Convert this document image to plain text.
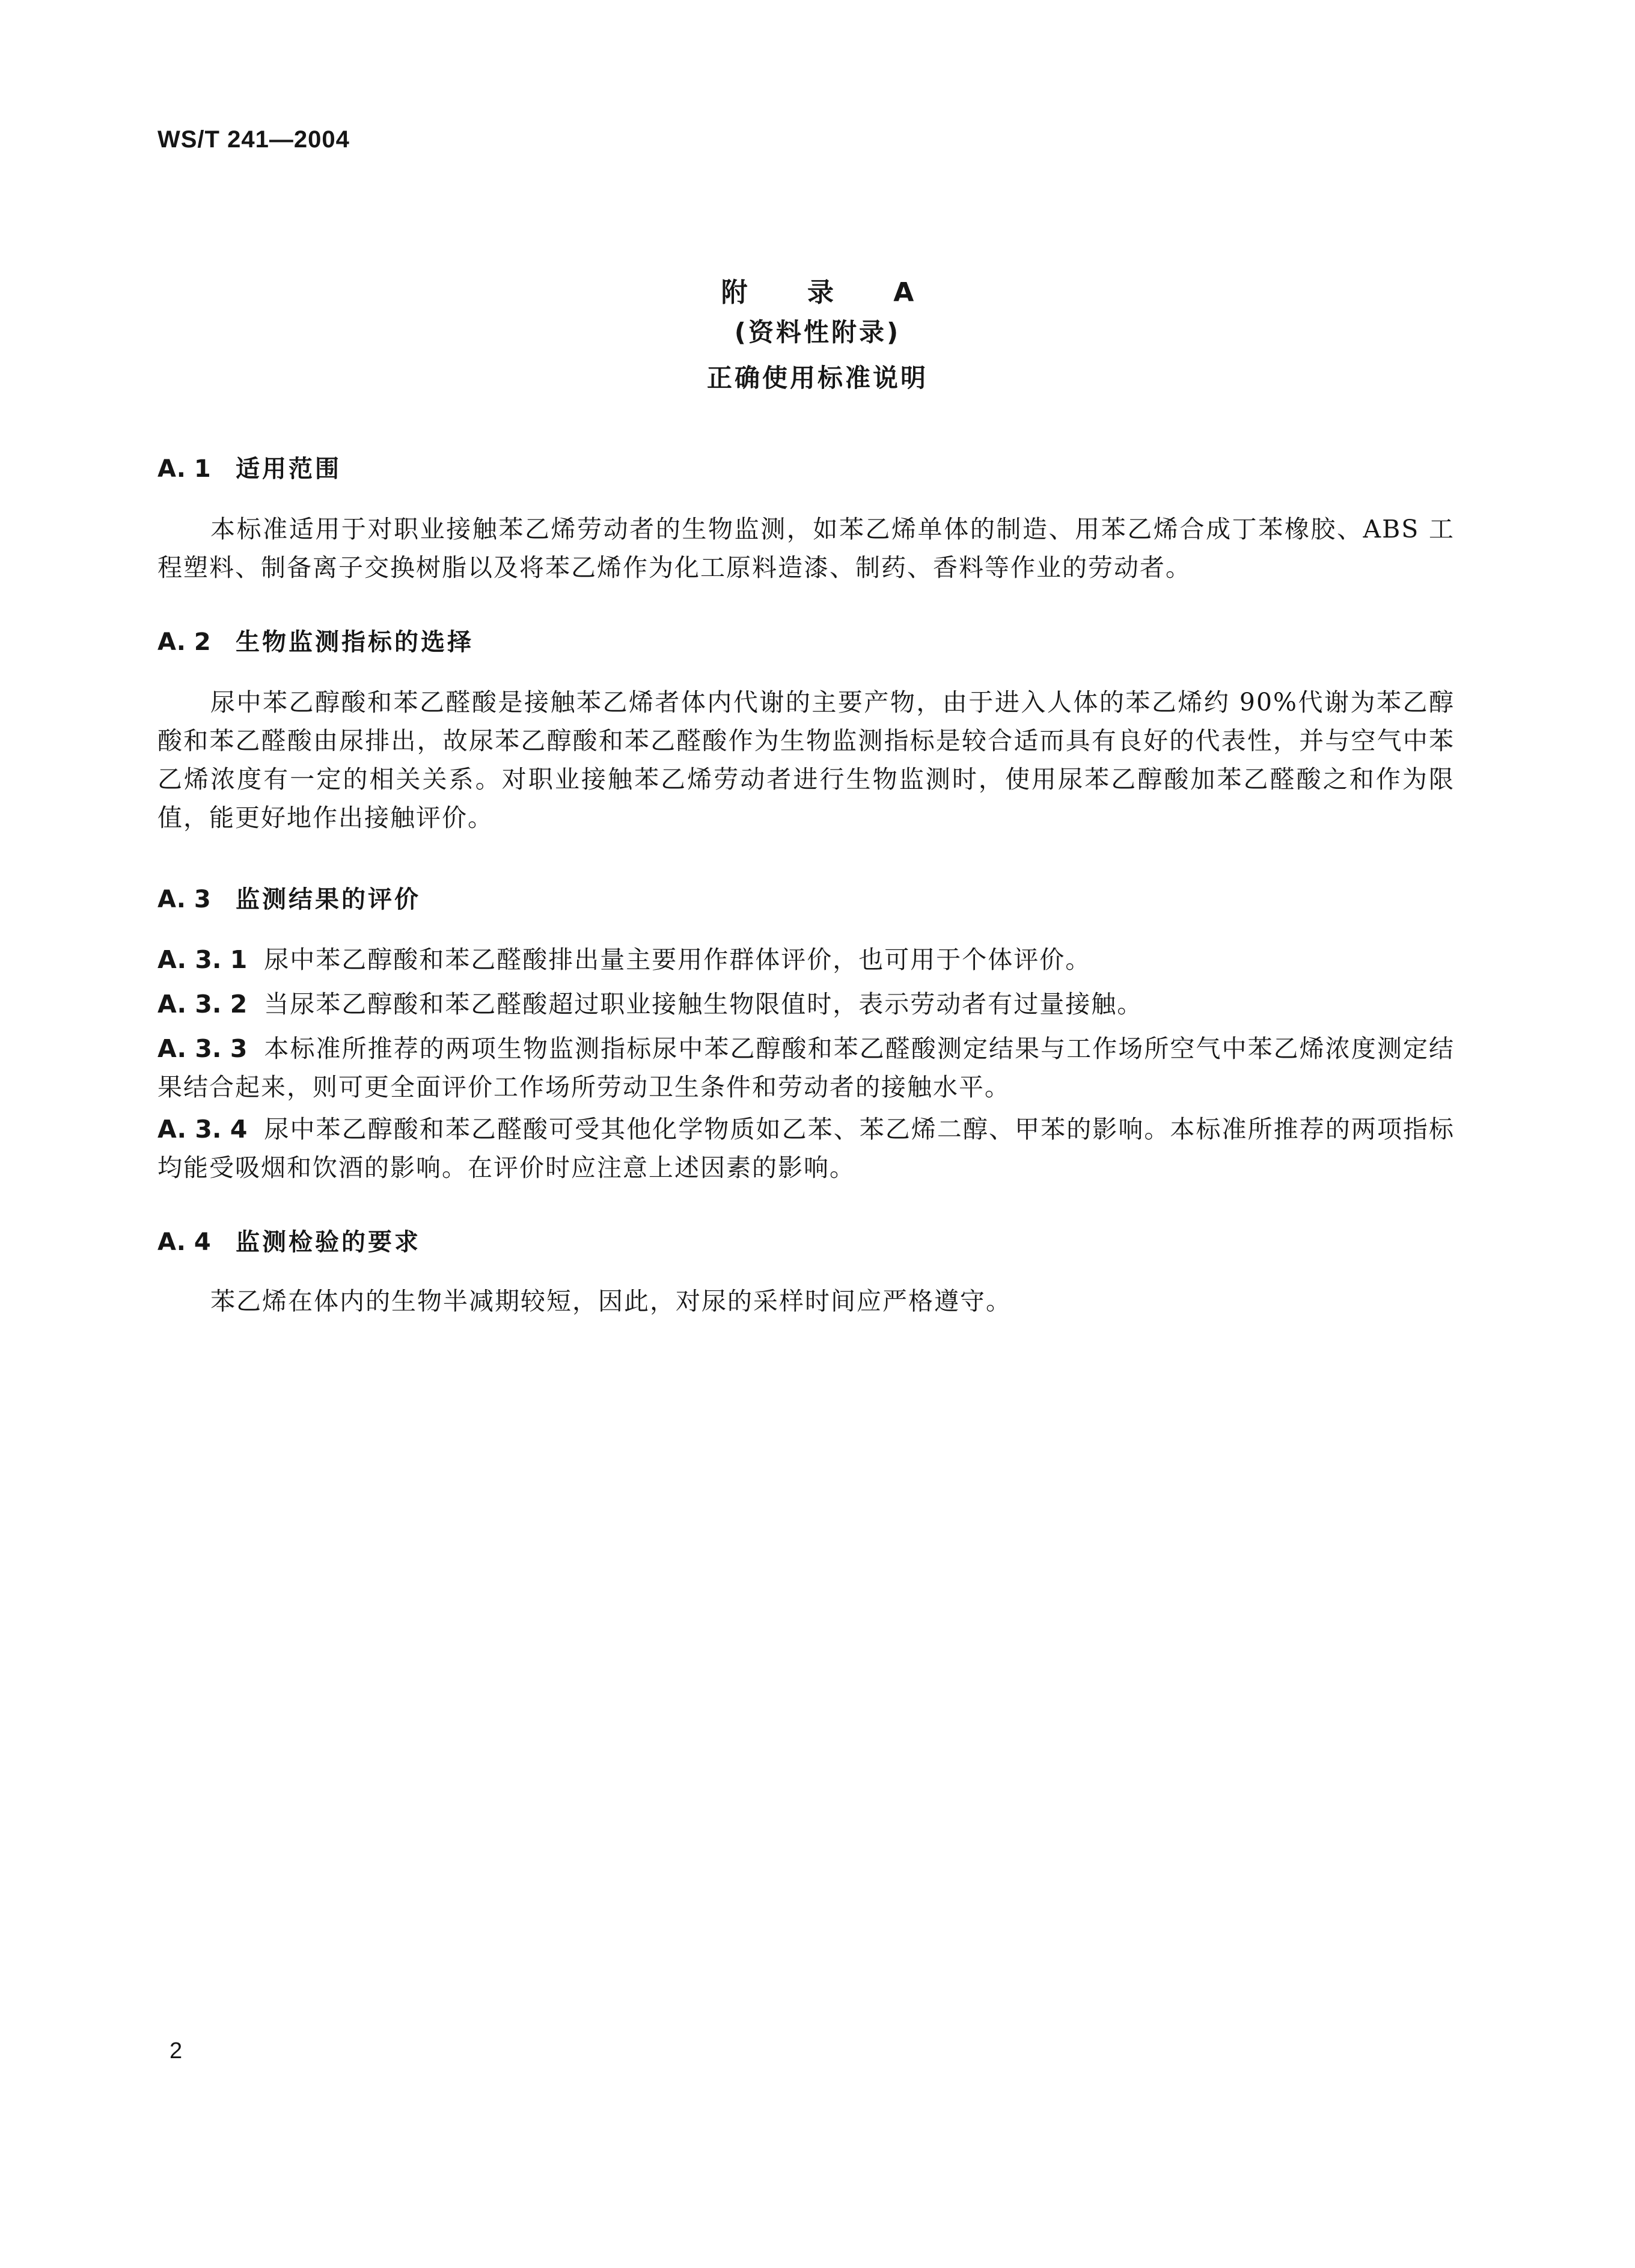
WS/T 241—2004
附 录 A
(资料性附录)
正确使用标准说明
A. 1 适用范围

本标准适用于对职业接触苯乙烯劳动者的生物监测，如苯乙烯单体的制造、用苯乙烯合成丁苯橡胶、ABS 工程塑料、制备离子交换树脂以及将苯乙烯作为化工原料造漆、制药、香料等作业的劳动者。

A. 2 生物监测指标的选择

尿中苯乙醇酸和苯乙醛酸是接触苯乙烯者体内代谢的主要产物，由于进入人体的苯乙烯约 90%代谢为苯乙醇酸和苯乙醛酸由尿排出，故尿苯乙醇酸和苯乙醛酸作为生物监测指标是较合适而具有良好的代表性，并与空气中苯乙烯浓度有一定的相关关系。对职业接触苯乙烯劳动者进行生物监测时，使用尿苯乙醇酸加苯乙醛酸之和作为限值，能更好地作出接触评价。

A. 3 监测结果的评价

A. 3. 1 尿中苯乙醇酸和苯乙醛酸排出量主要用作群体评价，也可用于个体评价。

A. 3. 2 当尿苯乙醇酸和苯乙醛酸超过职业接触生物限值时，表示劳动者有过量接触。

A. 3. 3 本标准所推荐的两项生物监测指标尿中苯乙醇酸和苯乙醛酸测定结果与工作场所空气中苯乙烯浓度测定结果结合起来，则可更全面评价工作场所劳动卫生条件和劳动者的接触水平。

A. 3. 4 尿中苯乙醇酸和苯乙醛酸可受其他化学物质如乙苯、苯乙烯二醇、甲苯的影响。本标准所推荐的两项指标均能受吸烟和饮酒的影响。在评价时应注意上述因素的影响。

A. 4 监测检验的要求

苯乙烯在体内的生物半减期较短，因此，对尿的采样时间应严格遵守。

2
